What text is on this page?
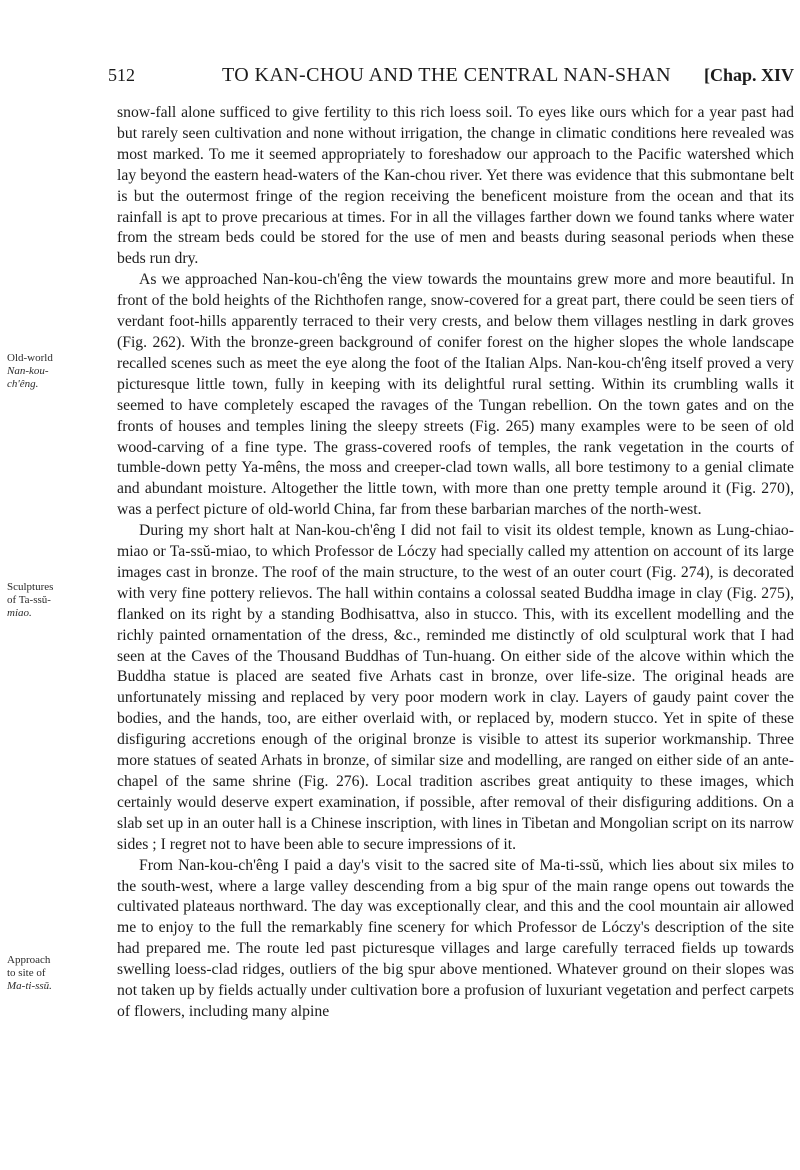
512	TO KAN-CHOU AND THE CENTRAL NAN-SHAN [Chap. XIV
Old-world
Nan-kou-
ch'êng.
Sculptures
of Ta-ssŭ-
miao.
Approach
to site of
Ma-ti-ssŭ.

snow-fall alone sufficed to give fertility to this rich loess soil. To eyes like ours which for a year past had but rarely seen cultivation and none without irrigation, the change in climatic conditions here revealed was most marked. To me it seemed appropriately to foreshadow our approach to the Pacific watershed which lay beyond the eastern head-waters of the Kan-chou river. Yet there was evidence that this submontane belt is but the outermost fringe of the region receiving the beneficent moisture from the ocean and that its rainfall is apt to prove precarious at times. For in all the villages farther down we found tanks where water from the stream beds could be stored for the use of men and beasts during seasonal periods when these beds run dry.

As we approached Nan-kou-ch'êng the view towards the mountains grew more and more beautiful. In front of the bold heights of the Richthofen range, snow-covered for a great part, there could be seen tiers of verdant foot-hills apparently terraced to their very crests, and below them villages nestling in dark groves (Fig. 262). With the bronze-green background of conifer forest on the higher slopes the whole landscape recalled scenes such as meet the eye along the foot of the Italian Alps. Nan-kou-ch'êng itself proved a very picturesque little town, fully in keeping with its delightful rural setting. Within its crumbling walls it seemed to have completely escaped the ravages of the Tungan rebellion. On the town gates and on the fronts of houses and temples lining the sleepy streets (Fig. 265) many examples were to be seen of old wood-carving of a fine type. The grass-covered roofs of temples, the rank vegetation in the courts of tumble-down petty Ya-mêns, the moss and creeper-clad town walls, all bore testimony to a genial climate and abundant moisture. Altogether the little town, with more than one pretty temple around it (Fig. 270), was a perfect picture of old-world China, far from these barbarian marches of the north-west.

During my short halt at Nan-kou-ch'êng I did not fail to visit its oldest temple, known as Lung-chiao-miao or Ta-ssŭ-miao, to which Professor de Lóczy had specially called my attention on account of its large images cast in bronze. The roof of the main structure, to the west of an outer court (Fig. 274), is decorated with very fine pottery relievos. The hall within contains a colossal seated Buddha image in clay (Fig. 275), flanked on its right by a standing Bodhisattva, also in stucco. This, with its excellent modelling and the richly painted ornamentation of the dress, &c., reminded me distinctly of old sculptural work that I had seen at the Caves of the Thousand Buddhas of Tun-huang. On either side of the alcove within which the Buddha statue is placed are seated five Arhats cast in bronze, over life-size. The original heads are unfortunately missing and replaced by very poor modern work in clay. Layers of gaudy paint cover the bodies, and the hands, too, are either overlaid with, or replaced by, modern stucco. Yet in spite of these disfiguring accretions enough of the original bronze is visible to attest its superior workmanship. Three more statues of seated Arhats in bronze, of similar size and modelling, are ranged on either side of an ante-chapel of the same shrine (Fig. 276). Local tradition ascribes great antiquity to these images, which certainly would deserve expert examination, if possible, after removal of their disfiguring additions. On a slab set up in an outer hall is a Chinese inscription, with lines in Tibetan and Mongolian script on its narrow sides ; I regret not to have been able to secure impressions of it.

From Nan-kou-ch'êng I paid a day's visit to the sacred site of Ma-ti-ssŭ, which lies about six miles to the south-west, where a large valley descending from a big spur of the main range opens out towards the cultivated plateaus northward. The day was exceptionally clear, and this and the cool mountain air allowed me to enjoy to the full the remarkably fine scenery for which Professor de Lóczy's description of the site had prepared me. The route led past picturesque villages and large carefully terraced fields up towards swelling loess-clad ridges, outliers of the big spur above mentioned. Whatever ground on their slopes was not taken up by fields actually under cultivation bore a profusion of luxuriant vegetation and perfect carpets of flowers, including many alpine
